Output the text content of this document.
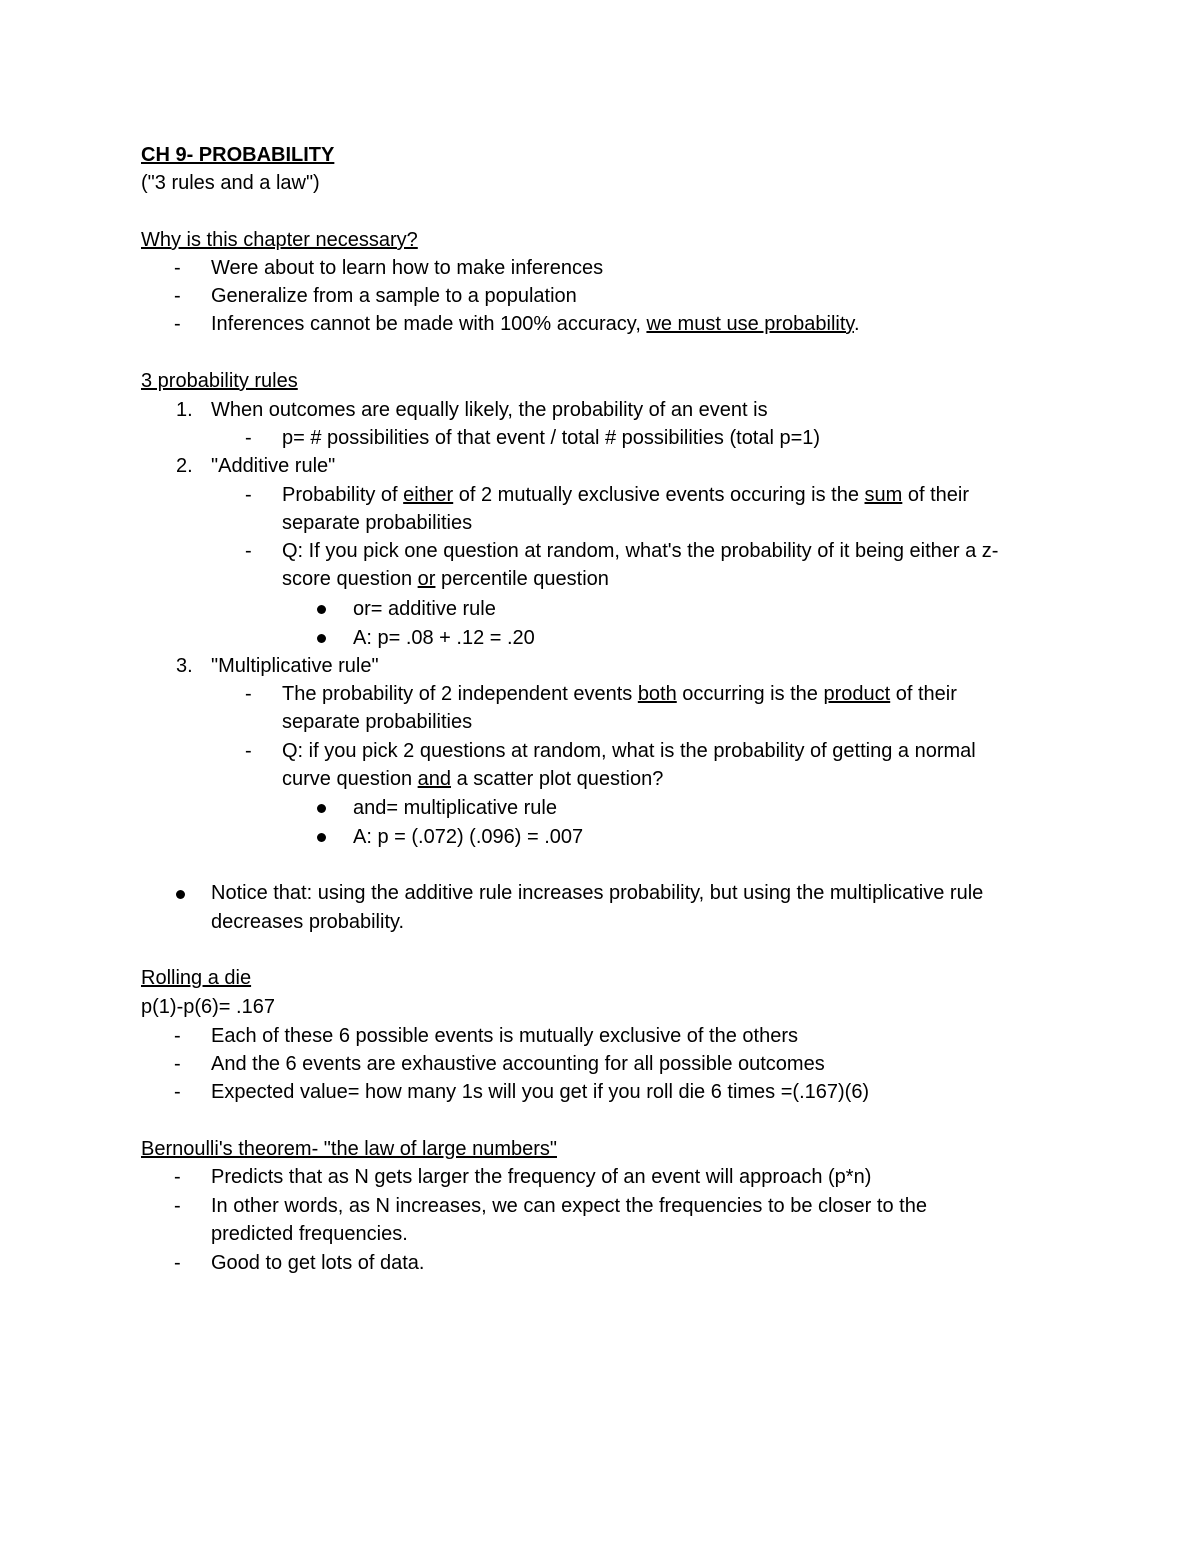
CH 9- PROBABILITY
("3 rules and a law")
Why is this chapter necessary?
- Were about to learn how to make inferences
- Generalize from a sample to a population
- Inferences cannot be made with 100% accuracy, we must use probability.
3 probability rules
1. When outcomes are equally likely, the probability of an event is
- p= # possibilities of that event / total # possibilities (total p=1)
2. "Additive rule"
- Probability of either of 2 mutually exclusive events occuring is the sum of their
separate probabilities
- Q: If you pick one question at random, what's the probability of it being either a z-
score question or percentile question
or= additive rule
A: p= .08 + .12 = .20
3. "Multiplicative rule"
- The probability of 2 independent events both occurring is the product of their
separate probabilities
- Q: if you pick 2 questions at random, what is the probability of getting a normal
curve question and a scatter plot question?
and= multiplicative rule
A: p = (.072) (.096) = .007
Notice that: using the additive rule increases probability, but using the multiplicative rule
decreases probability.
Rolling a die
p(1)-p(6)= .167
- Each of these 6 possible events is mutually exclusive of the others
- And the 6 events are exhaustive accounting for all possible outcomes
- Expected value= how many 1s will you get if you roll die 6 times =(.167)(6)
Bernoulli's theorem- "the law of large numbers"
- Predicts that as N gets larger the frequency of an event will approach (p*n)
- In other words, as N increases, we can expect the frequencies to be closer to the
predicted frequencies.
- Good to get lots of data.
